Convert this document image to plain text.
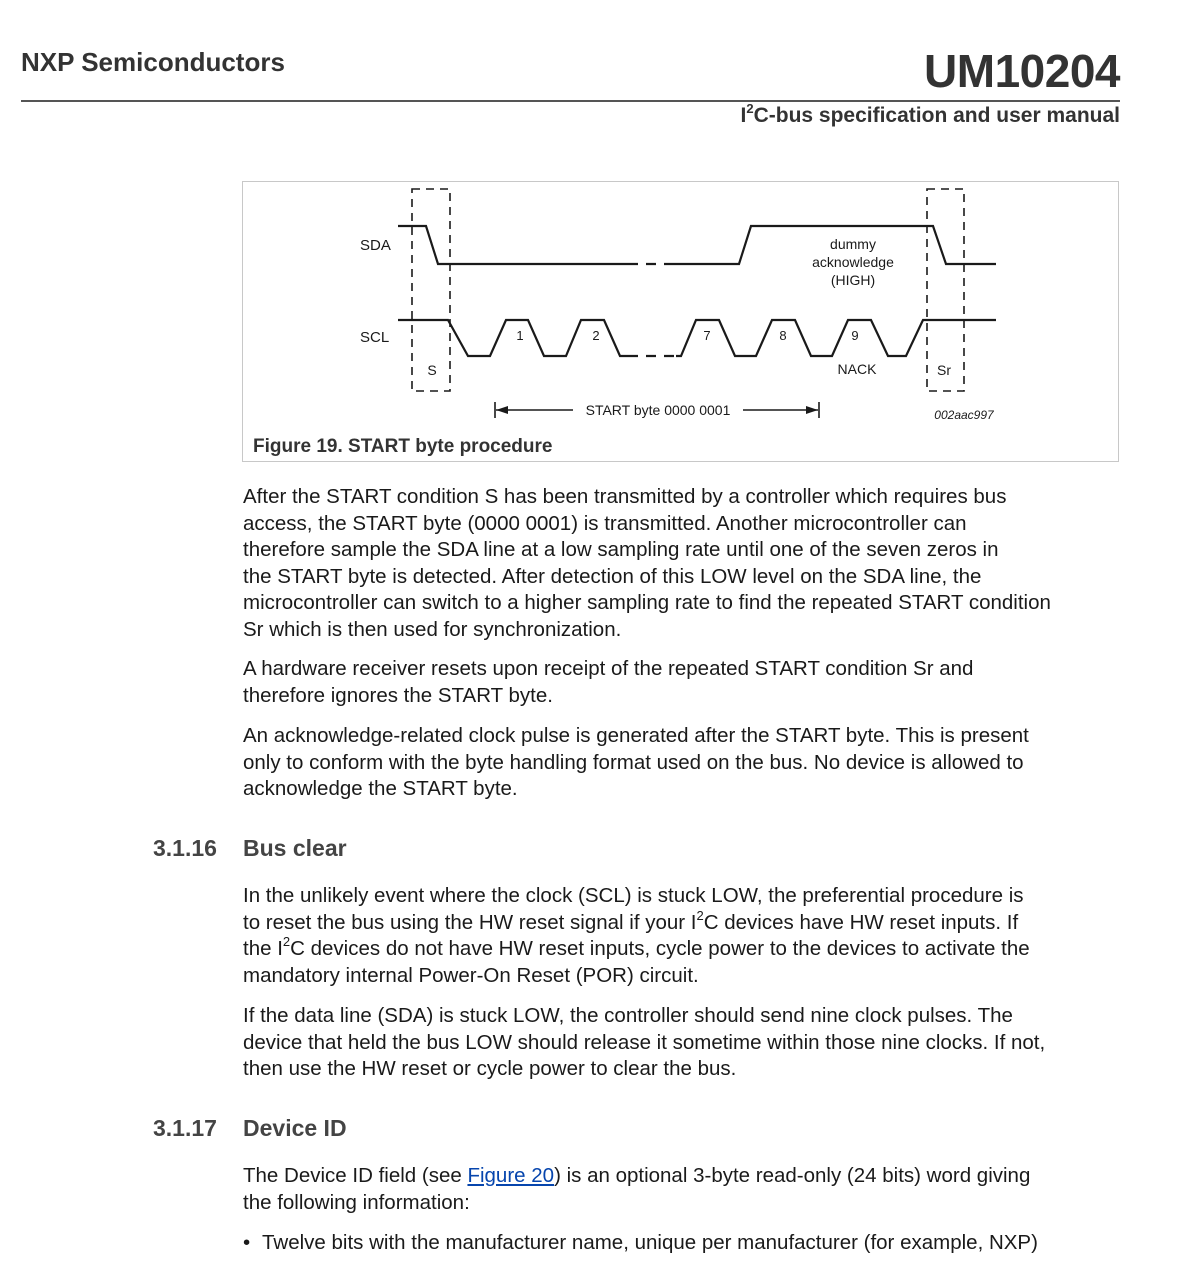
NXP Semiconductors	UM10204
$I^2C$-bus specification and user manual
SDA
SCL
dummy
acknowledge
(HIGH)
1	2	7	8	9
NACK
S	Sr
START byte 0000 0001	002aac997
Figure 19. START byte procedure
After the START condition S has been transmitted by a controller which requires bus
access, the START byte (0000 0001) is transmitted. Another microcontroller can
therefore sample the SDA line at a low sampling rate until one of the seven zeros in
the START byte is detected. After detection of this LOW level on the SDA line, the
microcontroller can switch to a higher sampling rate to find the repeated START condition
Sr which is then used for synchronization.
A hardware receiver resets upon receipt of the repeated START condition Sr and
therefore ignores the START byte.
An acknowledge-related clock pulse is generated after the START byte. This is present
only to conform with the byte handling format used on the bus. No device is allowed to
acknowledge the START byte.
3.1.16 Bus clear
In the unlikely event where the clock (SCL) is stuck LOW, the preferential procedure is
to reset the bus using the HW reset signal if your $I^2C$ devices have HW reset inputs. If
the $I^2C$ devices do not have HW reset inputs, cycle power to the devices to activate the
mandatory internal Power-On Reset (POR) circuit.
If the data line (SDA) is stuck LOW, the controller should send nine clock pulses. The
device that held the bus LOW should release it sometime within those nine clocks. If not,
then use the HW reset or cycle power to clear the bus.
3.1.17 Device ID
The Device ID field (see Figure 20) is an optional 3-byte read-only (24 bits) word giving
the following information:
• Twelve bits with the manufacturer name, unique per manufacturer (for example, NXP)
